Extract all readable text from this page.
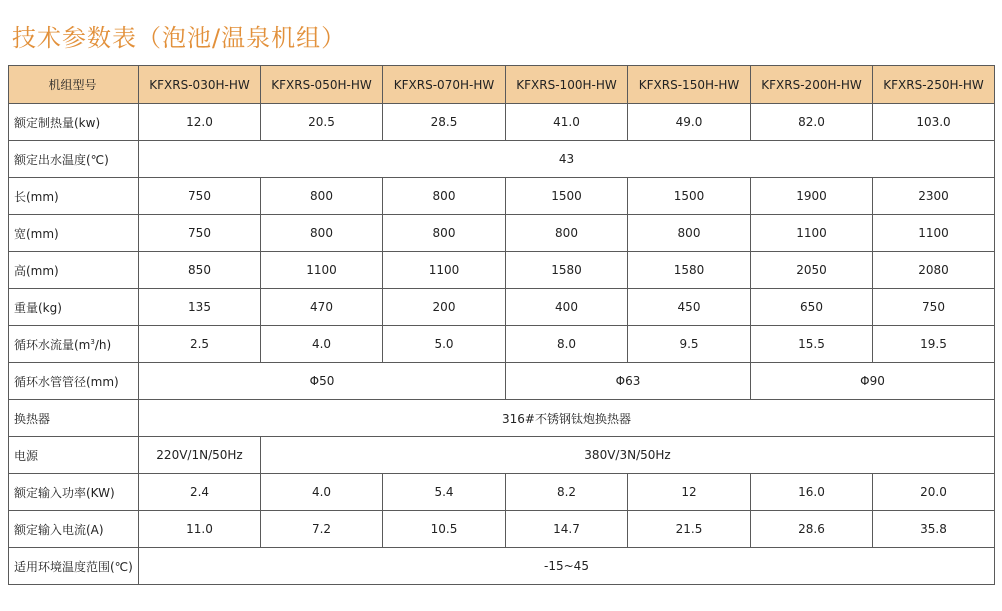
技术参数表（泡池/温泉机组）
机组型号	KFXRS-030H-HW	KFXRS-050H-HW	KFXRS-070H-HW	KFXRS-100H-HW	KFXRS-150H-HW	KFXRS-200H-HW	KFXRS-250H-HW
额定制热量(kw)	12.0	20.5	28.5	41.0	49.0	82.0	103.0
额定出水温度(℃)	43						
长(mm)	750	800	800	1500	1500	1900	2300
宽(mm)	750	800	800	800	800	1100	1100
高(mm)	850	1100	1100	1580	1580	2050	2080
重量(kg)	135	470	200	400	450	650	750
循环水流量$(m^3/h)$	2.5	4.0	5.0	8.0	9.5	15.5	19.5
循环水管管径(mm)	Φ50			Φ63		Φ90	
换热器	316#不锈钢钛炮换热器						
电源	220V/1N/50Hz	380V/3N/50Hz					
额定输入功率(KW)	2.4	4.0	5.4	8.2	12	16.0	20.0
额定输入电流(A)	11.0	7.2	10.5	14.7	21.5	28.6	35.8
适用环境温度范围(℃)	-15~45						
